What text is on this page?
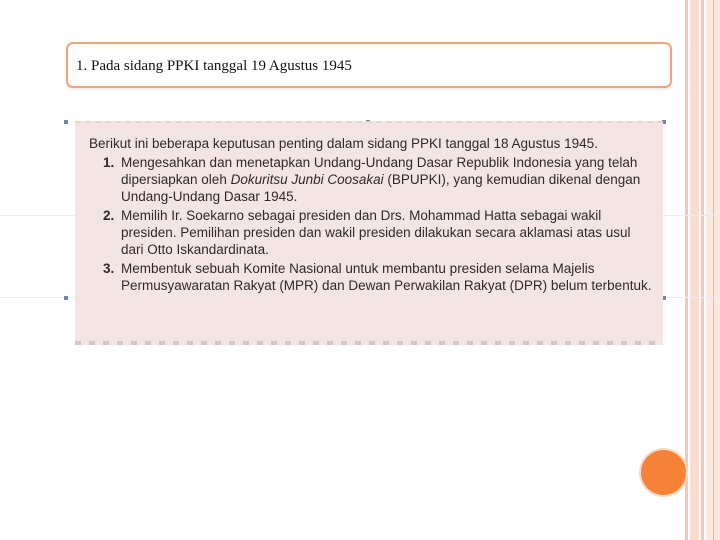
1. Pada sidang PPKI tanggal 19 Agustus 1945
Berikut ini beberapa keputusan penting dalam sidang PPKI tanggal 18 Agustus 1945.
1. Mengesahkan dan menetapkan Undang-Undang Dasar Republik Indonesia yang telah
dipersiapkan oleh Dokuritsu Junbi Coosakai (BPUPKI), yang kemudian dikenal dengan
Undang-Undang Dasar 1945.
2. Memilih Ir. Soekarno sebagai presiden dan Drs. Mohammad Hatta sebagai wakil
presiden. Pemilihan presiden dan wakil presiden dilakukan secara aklamasi atas usul
dari Otto Iskandardinata.
3. Membentuk sebuah Komite Nasional untuk membantu presiden selama Majelis
Permusyawaratan Rakyat (MPR) dan Dewan Perwakilan Rakyat (DPR) belum terbentuk.
